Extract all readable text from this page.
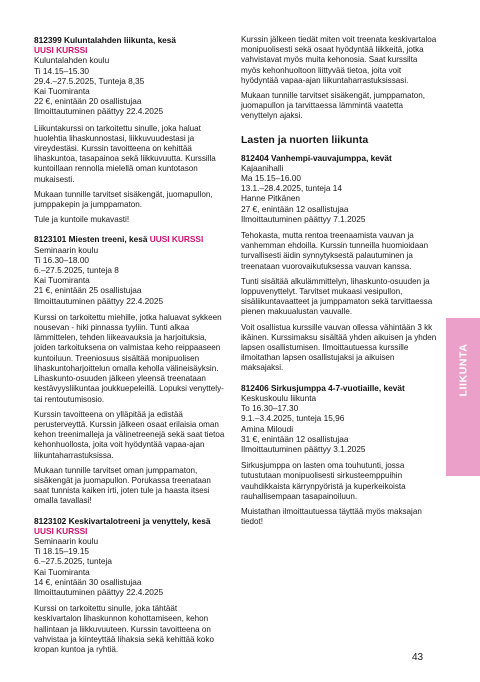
812399 Kuluntalahden liikunta, kesä
UUSI KURSSI
Kuluntalahden koulu
Ti 14.15–15.30
29.4.–27.5.2025, Tunteja 8,35
Kai Tuomiranta
22 €, enintään 20 osallistujaa
Ilmoittautuminen päättyy 22.4.2025

Liikuntakurssi on tarkoitettu sinulle, joka haluat huolehtia lihaskunnostasi, liikkuvuudestasi ja vireydestäsi. Kurssin tavoitteena on kehittää lihaskuntoa, tasapainoa sekä liikkuvuutta. Kurssilla kuntoillaan rennolla mielellä oman kuntotason mukaisesti.

Mukaan tunnille tarvitset sisäkengät, juomapullon, jumppakepin ja jumppamaton.

Tule ja kuntoile mukavasti!

8123101 Miesten treeni, kesä UUSI KURSSI
Seminaarin koulu
Ti 16.30–18.00
6.–27.5.2025, tunteja 8
Kai Tuomiranta
21 €, enintään 25 osallistujaa
Ilmoittautuminen päättyy 22.4.2025

Kurssi on tarkoitettu miehille, jotka haluavat sykkeen nousevan - hiki pinnassa tyyliin. Tunti alkaa lämmittelen, tehden liikeavauksia ja harjoituksia, joiden tarkoituksena on valmistaa keho reippaaseen kuntoiluun. Treeniosuus sisältää monipuolisen lihaskuntoharjoittelun omalla keholla välineisäyksin. Lihaskunto-osuuden jälkeen yleensä treenataan kestävyysliikuntaa joukkuepeleillä. Lopuksi venyttely- tai rentoutumisosio.

Kurssin tavoitteena on ylläpitää ja edistää perusterveyttä. Kurssin jälkeen osaat erilaisia oman kehon treenimalleja ja välinetreenejä sekä saat tietoa kehonhuollosta, joita voit hyödyntää vapaa-ajan liikuntaharrastuksissa.

Mukaan tunnille tarvitset oman jumppamaton, sisäkengät ja juomapullon. Porukassa treenataan saat tunnista kaiken irti, joten tule ja haasta itsesi omalla tavallasi!

8123102 Keskivartalotreeni ja venyttely, kesä
UUSI KURSSI
Seminaarin koulu
Ti 18.15–19.15
6.–27.5.2025, tunteja
Kai Tuomiranta
14 €, enintään 30 osallistujaa
Ilmoittautuminen päättyy 22.4.2025

Kurssi on tarkoitettu sinulle, joka tähtäät keskivartalon lihaskunnon kohottamiseen, kehon hallintaan ja liikkuvuuteen. Kurssin tavoitteena on vahvistaa ja kiinteyttää lihaksia sekä kehittää koko kropan kuntoa ja ryhtiä.

Kurssin jälkeen tiedät miten voit treenata keskivartaloa monipuolisesti sekä osaat hyödyntää liikkeitä, jotka vahvistavat myös muita kehonosia. Saat kurssilta myös kehonhuoltoon liittyvää tietoa, joita voit hyödyntää vapaa-ajan liikuntaharrastuksissasi.

Mukaan tunnille tarvitset sisäkengät, jumppamaton, juomapullon ja tarvittaessa lämmintä vaatetta venyttelyn ajaksi.

Lasten ja nuorten liikunta
812404 Vanhempi-vauvajumppa, kevät
Kajaanihalli
Ma 15.15–16.00
13.1.–28.4.2025, tunteja 14
Hanne Pitkänen
27 €, enintään 12 osallistujaa
Ilmoittautuminen päättyy 7.1.2025

Tehokasta, mutta rentoa treenaamista vauvan ja vanhemman ehdoilla. Kurssin tunneilla huomioidaan turvallisesti äidin synnytyksestä palautuminen ja treenataan vuorovaikutuksessa vauvan kanssa.

Tunti sisältää alkulämmittelyn, lihaskunto-osuuden ja loppuvenyttelyt. Tarvitset mukaasi vesipullon, sisäliikuntavaatteet ja jumppamaton sekä tarvittaessa pienen makuualustan vauvalle.

Voit osallistua kurssille vauvan ollessa vähintään 3 kk ikäinen. Kurssimaksu sisältää yhden aikuisen ja yhden lapsen osallistumisen. Ilmoittautuessa kurssille ilmoitathan lapsen osallistujaksi ja aikuisen maksajaksi.

812406 Sirkusjumppa 4-7-vuotiaille, kevät
Keskuskoulu liikunta
To 16.30–17.30
9.1.–3.4.2025, tunteja 15,96
Amina Miloudi
31 €, enintään 12 osallistujaa
Ilmoittautuminen päättyy 3.1.2025

Sirkusjumppa on lasten oma touhutunti, jossa tutustutaan monipuolisesti sirkusteemppuihin vauhdikkaista kärrynpyöristä ja kuperkeikoista rauhallisempaan tasapainoiluun.

Muistathan ilmoittautuessa täyttää myös maksajan tiedot!

LIIKUNTA
43
